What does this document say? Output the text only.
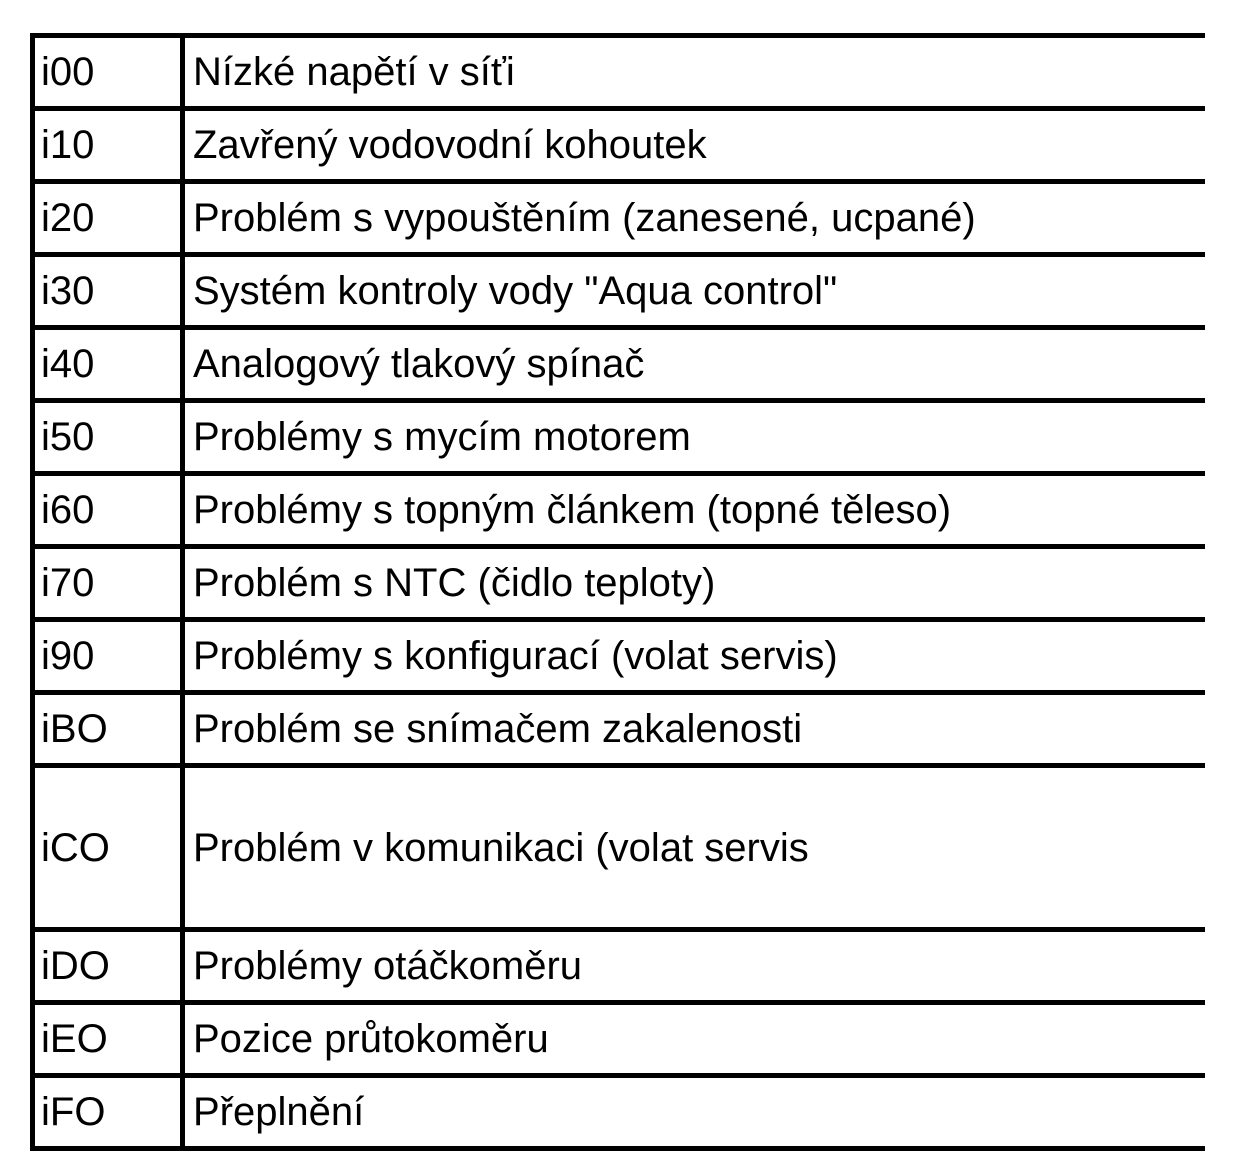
i00	Nízké napětí v síťi
i10	Zavřený vodovodní kohoutek
i20	Problém s vypouštěním (zanesené, ucpané)
i30	Systém kontroly vody "Aqua control"
i40	Analogový tlakový spínač
i50	Problémy s mycím motorem
i60	Problémy s topným článkem (topné těleso)
i70	Problém s NTC (čidlo teploty)
i90	Problémy s konfigurací (volat servis)
iBO	Problém se snímačem zakalenosti
iCO	Problém v komunikaci (volat servis
iDO	Problémy otáčkoměru
iEO	Pozice průtokoměru
iFO	Přeplnění
